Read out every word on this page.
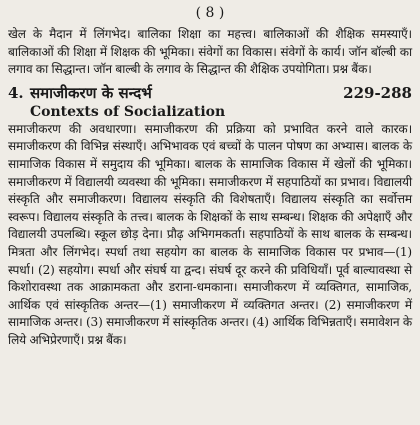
( 8 )

खेल के मैदान में लिंगभेद। बालिका शिक्षा का महत्त्व। बालिकाओं की शैक्षिक समस्याएँ। बालिकाओं की शिक्षा में शिक्षक की भूमिका। संवेगों का विकास। संवेगों के कार्य। जॉन बॉल्बी का लगाव का सिद्धान्त। जॉन बाल्बी के लगाव के सिद्धान्त की शैक्षिक उपयोगिता। प्रश्न बैंक।

4. समाजीकरण के सन्दर्भ	229-288

Contexts of Socialization

समाजीकरण की अवधारणा। समाजीकरण की प्रक्रिया को प्रभावित करने वाले कारक। समाजीकरण की विभिन्न संस्थाएँ। अभिभावक एवं बच्चों के पालन पोषण का अभ्यास। बालक के सामाजिक विकास में समुदाय की भूमिका। बालक के सामाजिक विकास में खेलों की भूमिका। समाजीकरण में विद्यालयी व्यवस्था की भूमिका। समाजीकरण में सहपाठियों का प्रभाव। विद्यालयी संस्कृति और समाजीकरण। विद्यालय संस्कृति की विशेषताएँ। विद्यालय संस्कृति का सर्वोत्तम स्वरूप। विद्यालय संस्कृति के तत्त्व। बालक के शिक्षकों के साथ सम्बन्ध। शिक्षक की अपेक्षाएँ और विद्यालयी उपलब्धि। स्कूल छोड़ देना। प्रौढ़ अभिगमकर्ता। सहपाठियों के साथ बालक के सम्बन्ध। मित्रता और लिंगभेद। स्पर्धा तथा सहयोग का बालक के सामाजिक विकास पर प्रभाव—(1) स्पर्धा। (2) सहयोग। स्पर्धा और संघर्ष या द्वन्द। संघर्ष दूर करने की प्रविधियाँ। पूर्व बाल्यावस्था से किशोरावस्था तक आक्रामकता और डराना-धमकाना। समाजीकरण में व्यक्तिगत, सामाजिक, आर्थिक एवं सांस्कृतिक अन्तर—(1) समाजीकरण में व्यक्तिगत अन्तर। (2) समाजीकरण में सामाजिक अन्तर। (3) समाजीकरण में सांस्कृतिक अन्तर। (4) आर्थिक विभिन्नताएँ। समावेशन के लिये अभिप्रेरणाएँ। प्रश्न बैंक।
